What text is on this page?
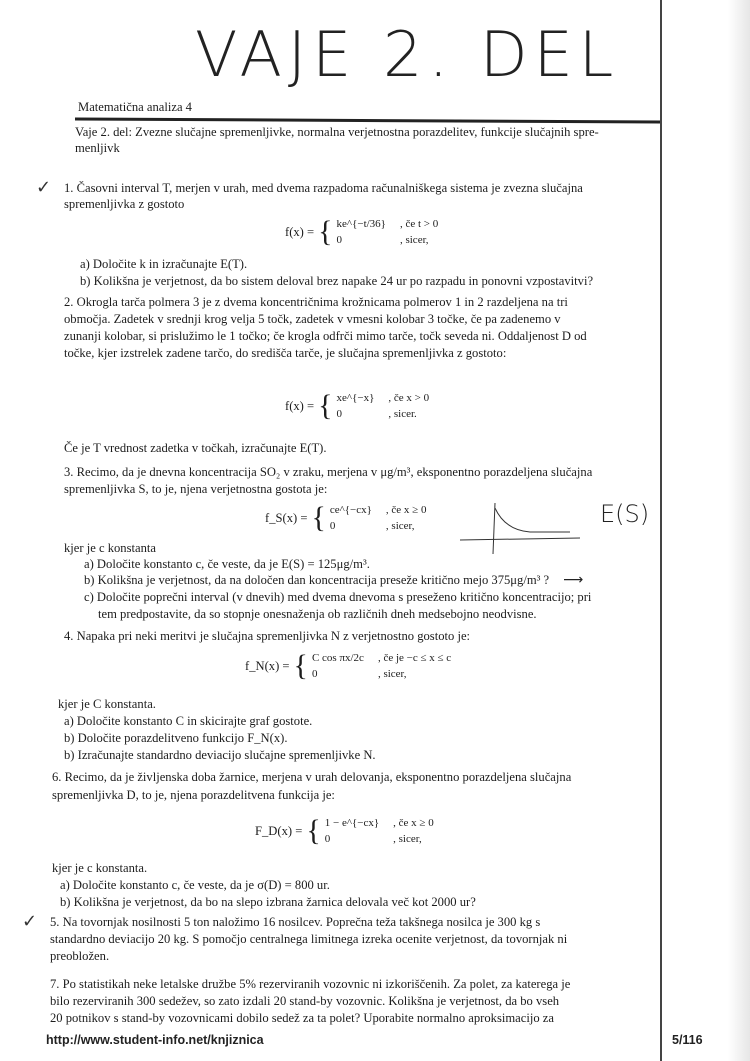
VAJE 2. DEL
Matematična analiza 4
Vaje 2. del: Zvezne slučajne spremenljivke, normalna verjetnostna porazdelitev, funkcije slučajnih spre-
menljivk
✓ 1. Časovni interval T, merjen v urah, med dvema razpadoma računalniškega sistema je zvezna slučajna
spremenljivka z gostoto
f(x) = { ke^{−t/36} , če t > 0
0	, sicer,
a) Določite k in izračunajte E(T).
b) Kolikšna je verjetnost, da bo sistem deloval brez napake 24 ur po razpadu in ponovni vzpostavitvi?
2. Okrogla tarča polmera 3 je z dvema koncentričnima krožnicama polmerov 1 in 2 razdeljena na tri
območja. Zadetek v srednji krog velja 5 točk, zadetek v vmesni kolobar 3 točke, če pa zadenemo v
zunanji kolobar, si prislužimo le 1 točko; če krogla odfrči mimo tarče, točk seveda ni. Oddaljenost D od
točke, kjer izstrelek zadene tarčo, do središča tarče, je slučajna spremenljivka z gostoto:
f(x) = { xe^{−x} , če x > 0
0	, sicer.
Če je T vrednost zadetka v točkah, izračunajte E(T).
3. Recimo, da je dnevna koncentracija SO₂ v zraku, merjena v μg/m³, eksponentno porazdeljena slučajna
spremenljivka S, to je, njena verjetnostna gostota je:
f_S(x) = { ce^{−cx} , če x ≥ 0
0	, sicer,	E(S)
kjer je c konstanta
a) Določite konstanto c, če veste, da je E(S) = 125μg/m³.
b) Kolikšna je verjetnost, da na določen dan koncentracija preseže kritično mejo 375μg/m³ ? ⟶
c) Določite poprečni interval (v dnevih) med dvema dnevoma s preseženo kritično koncentracijo; pri
tem predpostavite, da so stopnje onesnaženja ob različnih dneh medsebojno neodvisne.
4. Napaka pri neki meritvi je slučajna spremenljivka N z verjetnostno gostoto je:
f_N(x) = { C cos πx/2c , če je −c ≤ x ≤ c
0	, sicer,
kjer je C konstanta.
a) Določite konstanto C in skicirajte graf gostote.
b) Določite porazdelitveno funkcijo F_N(x).
b) Izračunajte standardno deviacijo slučajne spremenljivke N.
6. Recimo, da je življenska doba žarnice, merjena v urah delovanja, eksponentno porazdeljena slučajna
spremenljivka D, to je, njena porazdelitvena funkcija je:
F_D(x) = { 1 − e^{−cx} , če x ≥ 0
0	, sicer,
kjer je c konstanta.
a) Določite konstanto c, če veste, da je σ(D) = 800 ur.
b) Kolikšna je verjetnost, da bo na slepo izbrana žarnica delovala več kot 2000 ur?
✓ 5. Na tovornjak nosilnosti 5 ton naložimo 16 nosilcev. Poprečna teža takšnega nosilca je 300 kg s
standardno deviacijo 20 kg. S pomočjo centralnega limitnega izreka ocenite verjetnost, da tovornjak ni
preobložen.
7. Po statistikah neke letalske družbe 5% rezerviranih vozovnic ni izkoriščenih. Za polet, za katerega je
bilo rezerviranih 300 sedežev, so zato izdali 20 stand-by vozovnic. Kolikšna je verjetnost, da bo vseh
20 potnikov s stand-by vozovnicami dobilo sedež za ta polet? Uporabite normalno aproksimacijo za
http://www.student-info.net/knjiznica	5/116
